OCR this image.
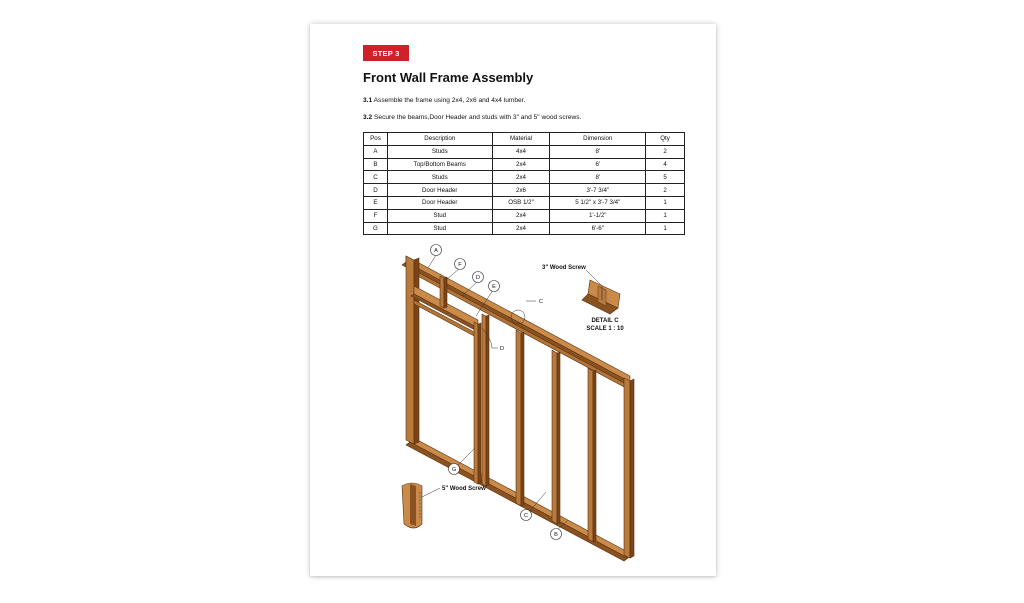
STEP 3
Front Wall Frame Assembly
3.1 Assemble the frame using 2x4, 2x6 and 4x4 lumber.
3.2 Secure the beams,Door Header and studs with 3" and 5" wood screws.
Pos	Description	Material	Dimension	Qty
A	Studs	4x4	8'	2
B	Top/Bottom Beams	2x4	6'	4
C	Studs	2x4	8'	5
D	Door Header	2x6	3'-7 3/4"	2
E	Door Header	OSB 1/2"	5 1/2" x 3'-7 3/4"	1
F	Stud	2x4	1'-1/2"	1
G	Stud	2x4	6'-6"	1
A
F
D
E
C
D
G
C
B
3" Wood Screw
DETAIL C
SCALE 1 : 10
5" Wood Screw
